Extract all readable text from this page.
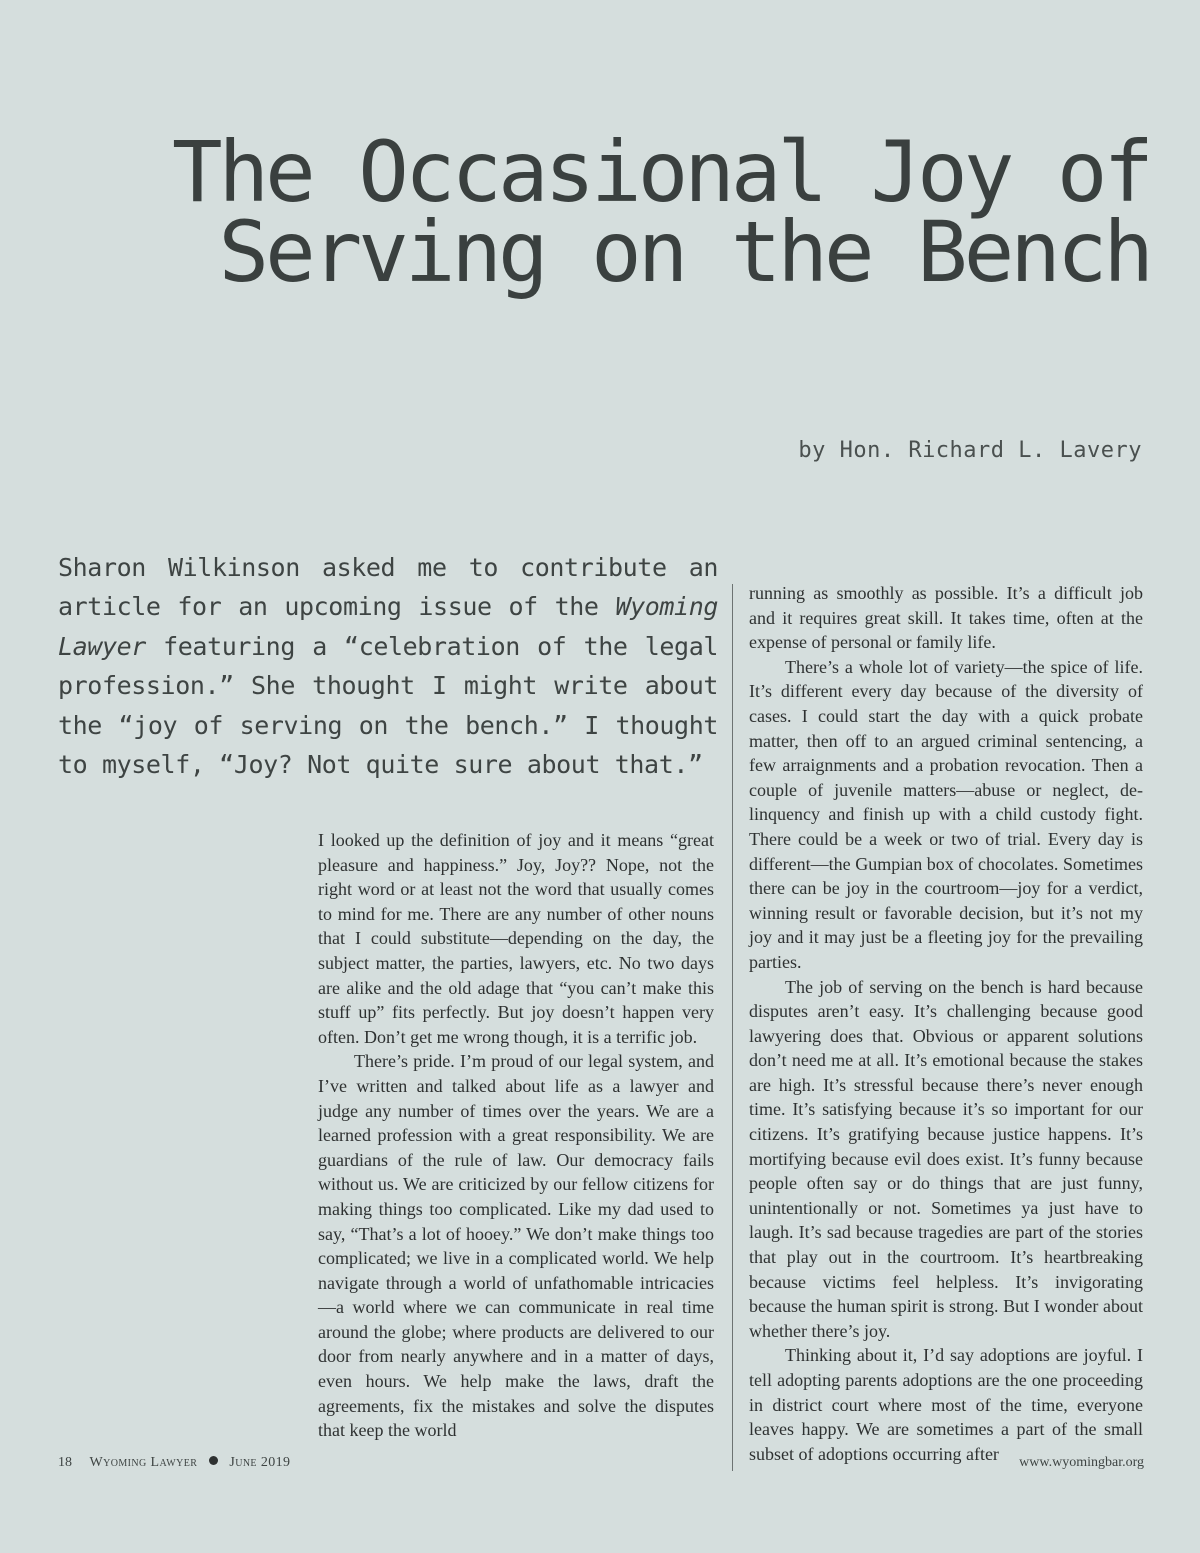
The Occasional Joy of
Serving on the Bench
by Hon. Richard L. Lavery

Sharon Wilkinson asked me to contribute an article for an upcoming issue of the Wyoming Lawyer featuring a “celebration of the legal profession.” She thought I might write about the “joy of serving on the bench.” I thought to myself, “Joy? Not quite sure about that.”

I looked up the definition of joy and it means “great pleasure and happiness.” Joy, Joy?? Nope, not the right word or at least not the word that usually comes to mind for me. There are any number of other nouns that I could substitute—depending on the day, the subject matter, the parties, lawyers, etc. No two days are alike and the old adage that “you can’t make this stuff up” fits perfectly. But joy doesn’t happen very often. Don’t get me wrong though, it is a terrific job.

There’s pride. I’m proud of our legal system, and I’ve written and talked about life as a lawyer and judge any number of times over the years. We are a learned profession with a great responsibility. We are guardians of the rule of law. Our democracy fails without us. We are criticized by our fellow citizens for making things too complicated. Like my dad used to say, “That’s a lot of hooey.” We don’t make things too complicated; we live in a complicated world. We help navigate through a world of unfathomable intricacies—a world where we can communicate in real time around the globe; where products are delivered to our door from nearly anywhere and in a matter of days, even hours. We help make the laws, draft the agreements, fix the mistakes and solve the disputes that keep the world

running as smoothly as possible. It’s a difficult job and it requires great skill. It takes time, often at the expense of personal or family life.

There’s a whole lot of variety—the spice of life. It’s different every day because of the diversity of cases. I could start the day with a quick probate matter, then off to an argued criminal sentencing, a few arraignments and a probation revocation. Then a couple of juvenile matters—abuse or neglect, delinquency and finish up with a child custody fight. There could be a week or two of trial. Every day is different—the Gumpian box of chocolates. Sometimes there can be joy in the courtroom—joy for a verdict, winning result or favorable decision, but it’s not my joy and it may just be a fleeting joy for the prevailing parties.

The job of serving on the bench is hard because disputes aren’t easy. It’s challenging because good lawyering does that. Obvious or apparent solutions don’t need me at all. It’s emotional because the stakes are high. It’s stressful because there’s never enough time. It’s satisfying because it’s so important for our citizens. It’s gratifying because justice happens. It’s mortifying because evil does exist. It’s funny because people often say or do things that are just funny, unintentionally or not. Sometimes ya just have to laugh. It’s sad because tragedies are part of the stories that play out in the courtroom. It’s heartbreaking because victims feel helpless. It’s invigorating because the human spirit is strong. But I wonder about whether there’s joy.

Thinking about it, I’d say adoptions are joyful. I tell adopting parents adoptions are the one proceeding in district court where most of the time, everyone leaves happy. We are sometimes a part of the small subset of adoptions occurring after

18 Wyoming Lawyer June 2019	www.wyomingbar.org
